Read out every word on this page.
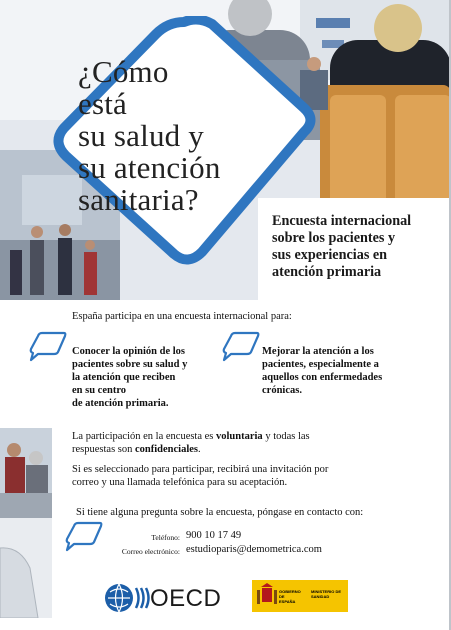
¿Cómo
está
su salud y
su atención
sanitaria?
Encuesta internacional
sobre los pacientes y
sus experiencias en
atención primaria

España participa en una encuesta internacional para:

Conocer la opinión de los
pacientes sobre su salud y
la atención que reciben
en su centro
de atención primaria.

Mejorar la atención a los
pacientes, especialmente a
aquellos con enfermedades
crónicas.

La participación en la encuesta es voluntaria y todas las
respuestas son confidenciales.

Si es seleccionado para participar, recibirá una invitación por
correo y una llamada telefónica para su aceptación.

Si tiene alguna pregunta sobre la encuesta, póngase en contacto con:

Teléfono: 900 10 17 49
Correo electrónico: estudioparis@demometrica.com
OECD	GOBIERNO DE ESPAÑA
MINISTERIO DE SANIDAD
